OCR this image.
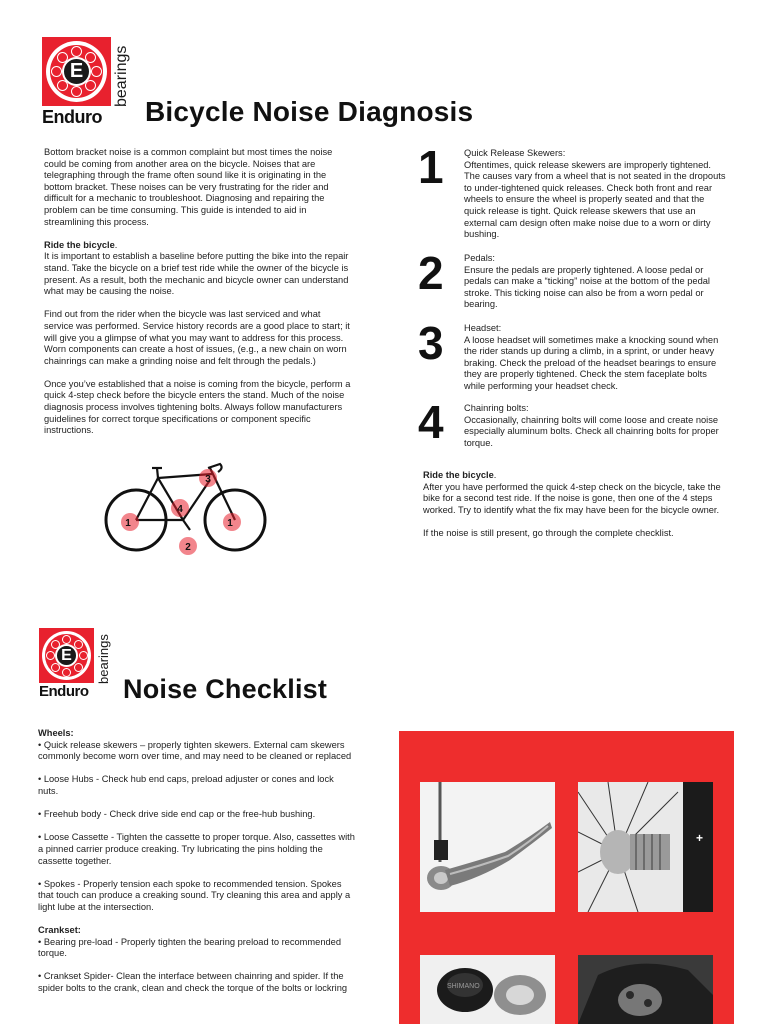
E	bearings
Enduro Bicycle Noise Diagnosis

Bottom bracket noise is a common complaint but most times the noise could be coming from another area on the bicycle. Noises that are telegraphing through the frame often sound like it is originating in the bottom bracket. These noises can be very frustrating for the rider and difficult for a mechanic to troubleshoot. Diagnosing and repairing the problem can be time consuming. This guide is intended to aid in streamlining this process.

Ride the bicycle.

It is important to establish a baseline before putting the bike into the repair stand. Take the bicycle on a brief test ride while the owner of the bicycle is present. As a result, both the mechanic and bicycle owner can understand what may be causing the noise.

Find out from the rider when the bicycle was last serviced and what service was performed. Service history records are a good place to start; it will give you a glimpse of what you may want to address for this process. Worn components can create a host of issues, (e.g., a new chain on worn chainrings can make a grinding noise and felt through the pedals.)

Once you’ve established that a noise is coming from the bicycle, perform a quick 4-step check before the bicycle enters the stand. Much of the noise diagnosis process involves tightening bolts. Always follow manufacturers guidelines for correct torque specifications or component specific instructions.

1	1
2
3
4
1 Quick Release Skewers:
Oftentimes, quick release skewers are improperly tightened. The causes vary from a wheel that is not seated in the dropouts to under-tightened quick releases. Check both front and rear wheels to ensure the wheel is properly seated and that the quick release is tight. Quick release skewers that use an external cam design often make noise due to a worn or dirty bushing.
2 Pedals:
Ensure the pedals are properly tightened. A loose pedal or pedals can make a “ticking” noise at the bottom of the pedal stroke. This ticking noise can also be from a worn pedal or bearing.
3 Headset:
A loose headset will sometimes make a knocking sound when the rider stands up during a climb, in a sprint, or under heavy braking. Check the preload of the headset bearings to ensure they are properly tightened. Check the stem faceplate bolts while performing your headset check.
4 Chainring bolts:
Occasionally, chainring bolts will come loose and create noise especially aluminum bolts. Check all chainring bolts for proper torque.
Ride the bicycle.

After you have performed the quick 4-step check on the bicycle, take the bike for a second test ride. If the noise is gone, then one of the 4 steps worked. Try to identify what the fix may have been for the bicycle owner.

If the noise is still present, go through the complete checklist.

E	bearings
Enduro Noise Checklist
Wheels:
• Quick release skewers – properly tighten skewers. External cam skewers commonly become worn over time, and may need to be cleaned or replaced
• Loose Hubs - Check hub end caps, preload adjuster or cones and lock nuts.
• Freehub body - Check drive side end cap or the free-hub bushing.
• Loose Cassette - Tighten the cassette to proper torque. Also, cassettes with a pinned carrier produce creaking. Try lubricating the pins holding the cassette together.
• Spokes - Properly tension each spoke to recommended tension. Spokes that touch can produce a creaking sound. Try cleaning this area and apply a light lube at the intersection.
Crankset:
• Bearing pre-load - Properly tighten the bearing preload to recommended torque.
• Crankset Spider- Clean the interface between chainring and spider. If the spider bolts to the crank, clean and check the torque of the bolts or lockring
+
SHIMANO
